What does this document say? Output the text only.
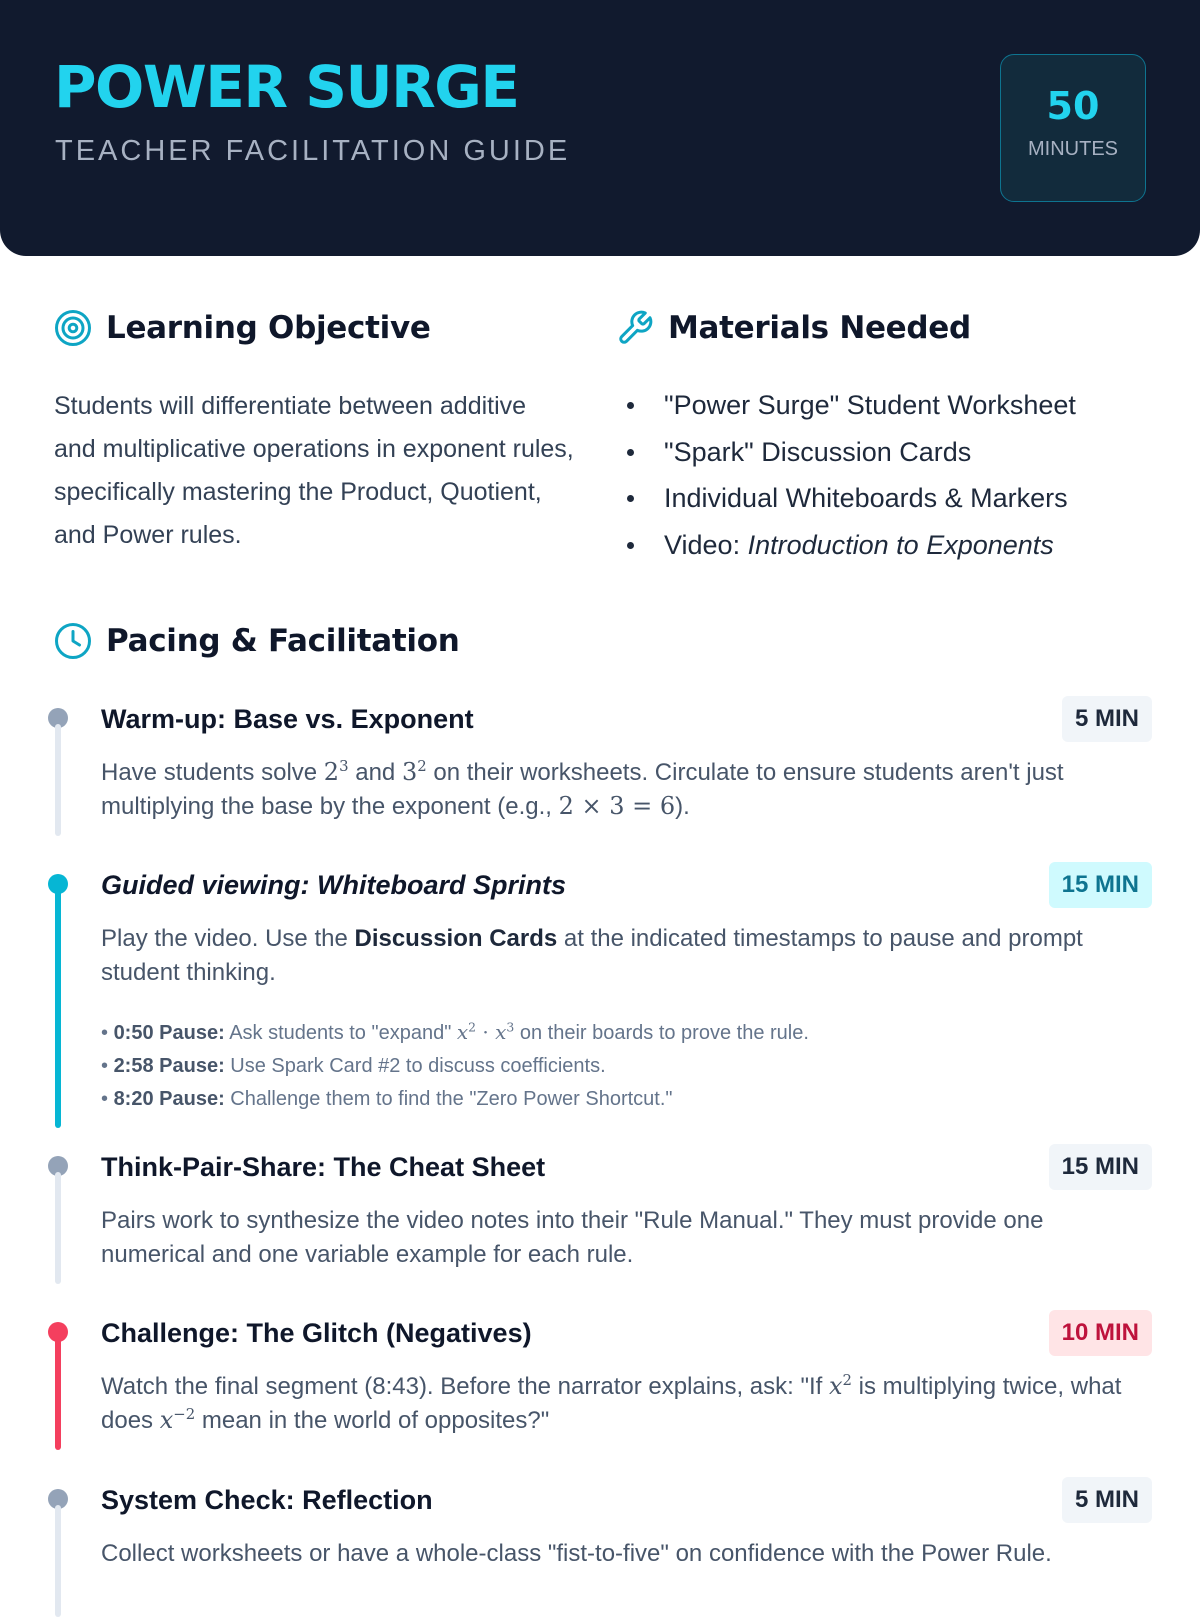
POWER SURGE
TEACHER FACILITATION GUIDE
50
MINUTES
Learning Objective

Students will differentiate between additive and multiplicative operations in exponent rules, specifically mastering the Product, Quotient, and Power rules.

Materials Needed
"Power Surge" Student Worksheet
"Spark" Discussion Cards
Individual Whiteboards & Markers
Video: Introduction to Exponents
Pacing & Facilitation
Warm-up: Base vs. Exponent	5 MIN

Have students solve $2^3$ and $3^2$ on their worksheets. Circulate to ensure students aren't just multiplying the base by the exponent (e.g., 2 × 3 = 6).

Guided viewing: Whiteboard Sprints	15 MIN

Play the video. Use the Discussion Cards at the indicated timestamps to pause and prompt student thinking.

• 0:50 Pause: Ask students to "expand" $x^2 \cdot x^3$ on their boards to prove the rule.
• 2:58 Pause: Use Spark Card #2 to discuss coefficients.
• 8:20 Pause: Challenge them to find the "Zero Power Shortcut."
Think-Pair-Share: The Cheat Sheet	15 MIN

Pairs work to synthesize the video notes into their "Rule Manual." They must provide one numerical and one variable example for each rule.

Challenge: The Glitch (Negatives)	10 MIN

Watch the final segment (8:43). Before the narrator explains, ask: "If $x^2$ is multiplying twice, what does $x^{-2}$ mean in the world of opposites?"

System Check: Reflection	5 MIN

Collect worksheets or have a whole-class "fist-to-five" on confidence with the Power Rule.
